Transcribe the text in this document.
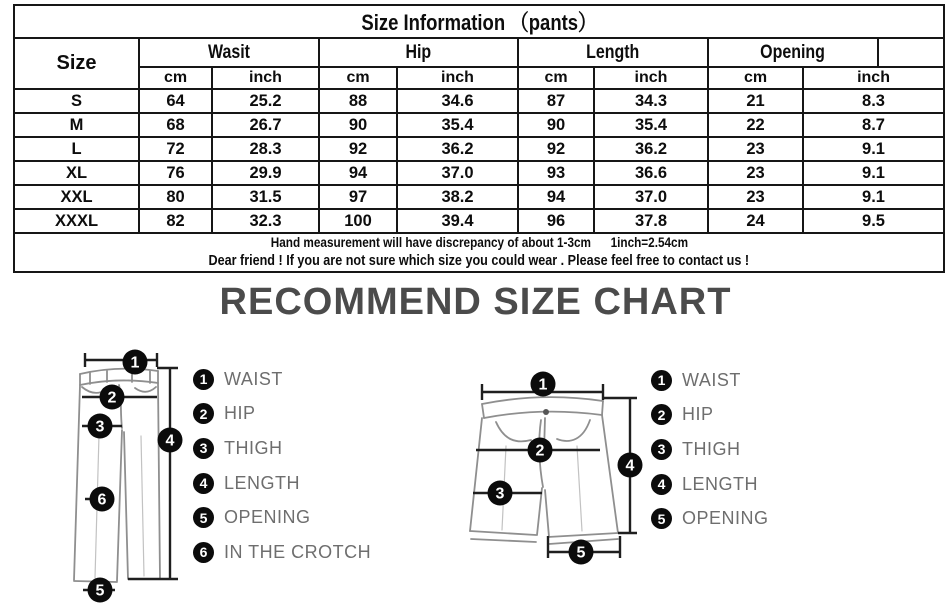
Size Information （pants）									
Size	Wasit		Hip		Length		Opening		
	cm	inch	cm	inch	cm	inch	cm	inch	
S	64	25.2	88	34.6	87	34.3	21	8.3	
M	68	26.7	90	35.4	90	35.4	22	8.7	
L	72	28.3	92	36.2	92	36.2	23	9.1	
XL	76	29.9	94	37.0	93	36.6	23	9.1	
XXL	80	31.5	97	38.2	94	37.0	23	9.1	
XXXL	82	32.3	100	39.4	96	37.8	24	9.5	

Hand measurement will have discrepancy of about 1-3cm      1inch=2.54cm
Dear friend ! If you are not sure which size you could wear . Please feel free to contact us !									
RECOMMEND SIZE CHART
1
2
3
4
5
6
1 WAIST
2 HIP
3 THIGH
4 LENGTH
5 OPENING
6 IN THE CROTCH
1
2
3
4
5
1 WAIST
2 HIP
3 THIGH
4 LENGTH
5 OPENING
